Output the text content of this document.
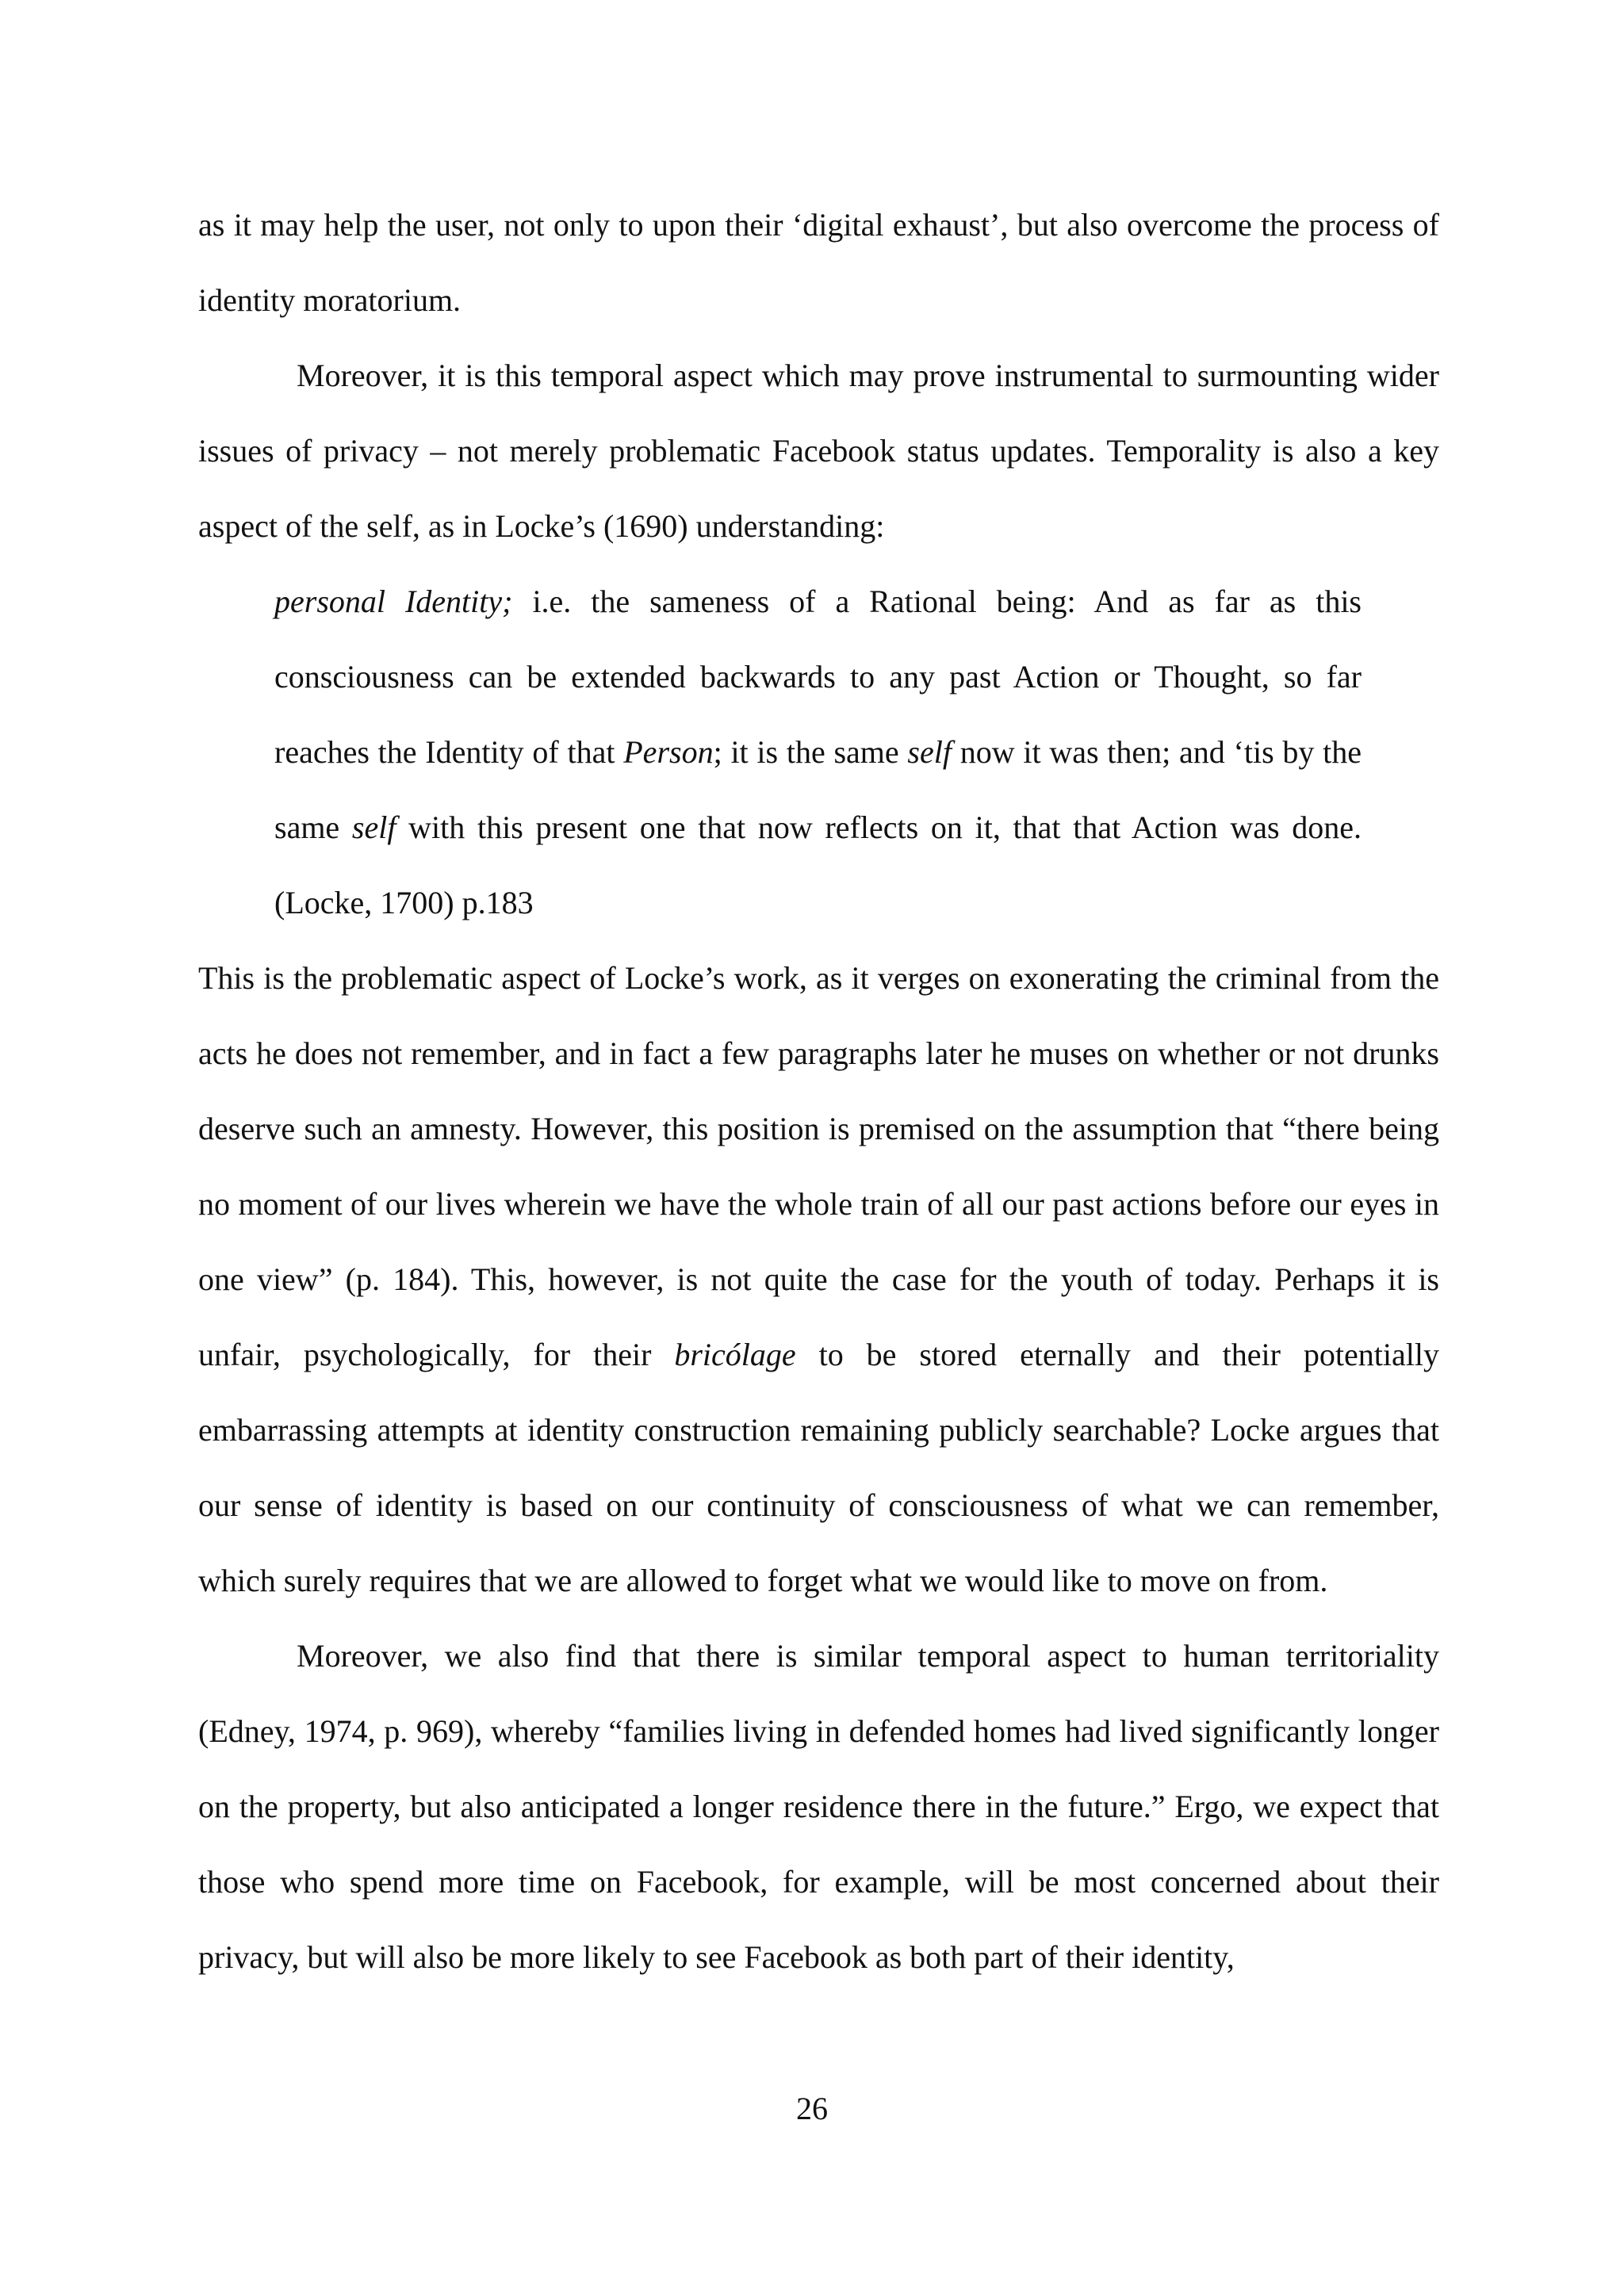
as it may help the user, not only to upon their ‘digital exhaust’, but also overcome the process of identity moratorium.

Moreover, it is this temporal aspect which may prove instrumental to surmounting wider issues of privacy – not merely problematic Facebook status updates. Temporality is also a key aspect of the self, as in Locke’s (1690) understanding:

personal Identity; i.e. the sameness of a Rational being: And as far as this consciousness can be extended backwards to any past Action or Thought, so far reaches the Identity of that Person; it is the same self now it was then; and ‘tis by the same self with this present one that now reflects on it, that that Action was done. (Locke, 1700) p.183

This is the problematic aspect of Locke’s work, as it verges on exonerating the criminal from the acts he does not remember, and in fact a few paragraphs later he muses on whether or not drunks deserve such an amnesty. However, this position is premised on the assumption that “there being no moment of our lives wherein we have the whole train of all our past actions before our eyes in one view” (p. 184). This, however, is not quite the case for the youth of today. Perhaps it is unfair, psychologically, for their bricólage to be stored eternally and their potentially embarrassing attempts at identity construction remaining publicly searchable? Locke argues that our sense of identity is based on our continuity of consciousness of what we can remember, which surely requires that we are allowed to forget what we would like to move on from.

Moreover, we also find that there is similar temporal aspect to human territoriality (Edney, 1974, p. 969), whereby “families living in defended homes had lived significantly longer on the property, but also anticipated a longer residence there in the future.” Ergo, we expect that those who spend more time on Facebook, for example, will be most concerned about their privacy, but will also be more likely to see Facebook as both part of their identity,

26
